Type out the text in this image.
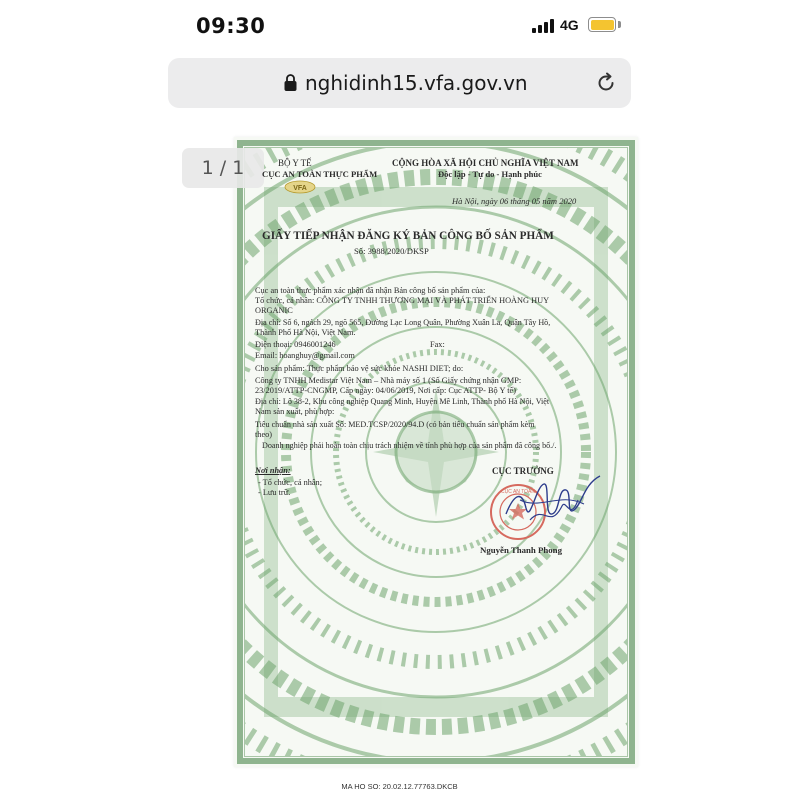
09:30	4G
nghidinh15.vfa.gov.vn
1 / 1	BỘ Y TẾ
CỤC AN TOÀN THỰC PHẨM
VFA
CỘNG HÒA XÃ HỘI CHỦ NGHĨA VIỆT NAM
Độc lập - Tự do - Hạnh phúc
Hà Nội, ngày 06 tháng 05 năm 2020
GIẤY TIẾP NHẬN ĐĂNG KÝ BẢN CÔNG BỐ SẢN PHẨM
Số: 3988/2020/DKSP
Cục an toàn thực phẩm xác nhận đã nhận Bản công bố sản phẩm của:
Tổ chức, cá nhân: CÔNG TY TNHH THƯƠNG MẠI VÀ PHÁT TRIỂN HOÀNG HUY
ORGANIC
Địa chỉ: Số 6, ngách 29, ngõ 565, Đường Lạc Long Quân, Phường Xuân La, Quận Tây Hồ,
Thành Phố Hà Nội, Việt Nam.
Điện thoại: 0946001246	Fax:
Email: hoanghuy@gmail.com
Cho sản phẩm: Thực phẩm bảo vệ sức khỏe NASHI DIET; do:
Công ty TNHH Medistar Việt Nam – Nhà máy số 1 (Số Giấy chứng nhận GMP:
23/2019/ATTP-CNGMP, Cấp ngày: 04/06/2019, Nơi cấp: Cục ATTP- Bộ Y tế)
Địa chỉ: Lô 38-2, Khu công nghiệp Quang Minh, Huyện Mê Linh, Thành phố Hà Nội, Việt
Nam sản xuất, phù hợp:
Tiêu chuẩn nhà sản xuất Số: MED.TCSP/2020/94.D (có bản tiêu chuẩn sản phẩm kèm
theo)
Doanh nghiệp phải hoàn toàn chịu trách nhiệm về tính phù hợp của sản phẩm đã công bố./.
Nơi nhận:
- Tổ chức, cá nhân;
- Lưu trữ.
CỤC TRƯỞNG
CỤC AN TOÀN
Nguyễn Thanh Phong
MA HO SO: 20.02.12.77763.DKCB
